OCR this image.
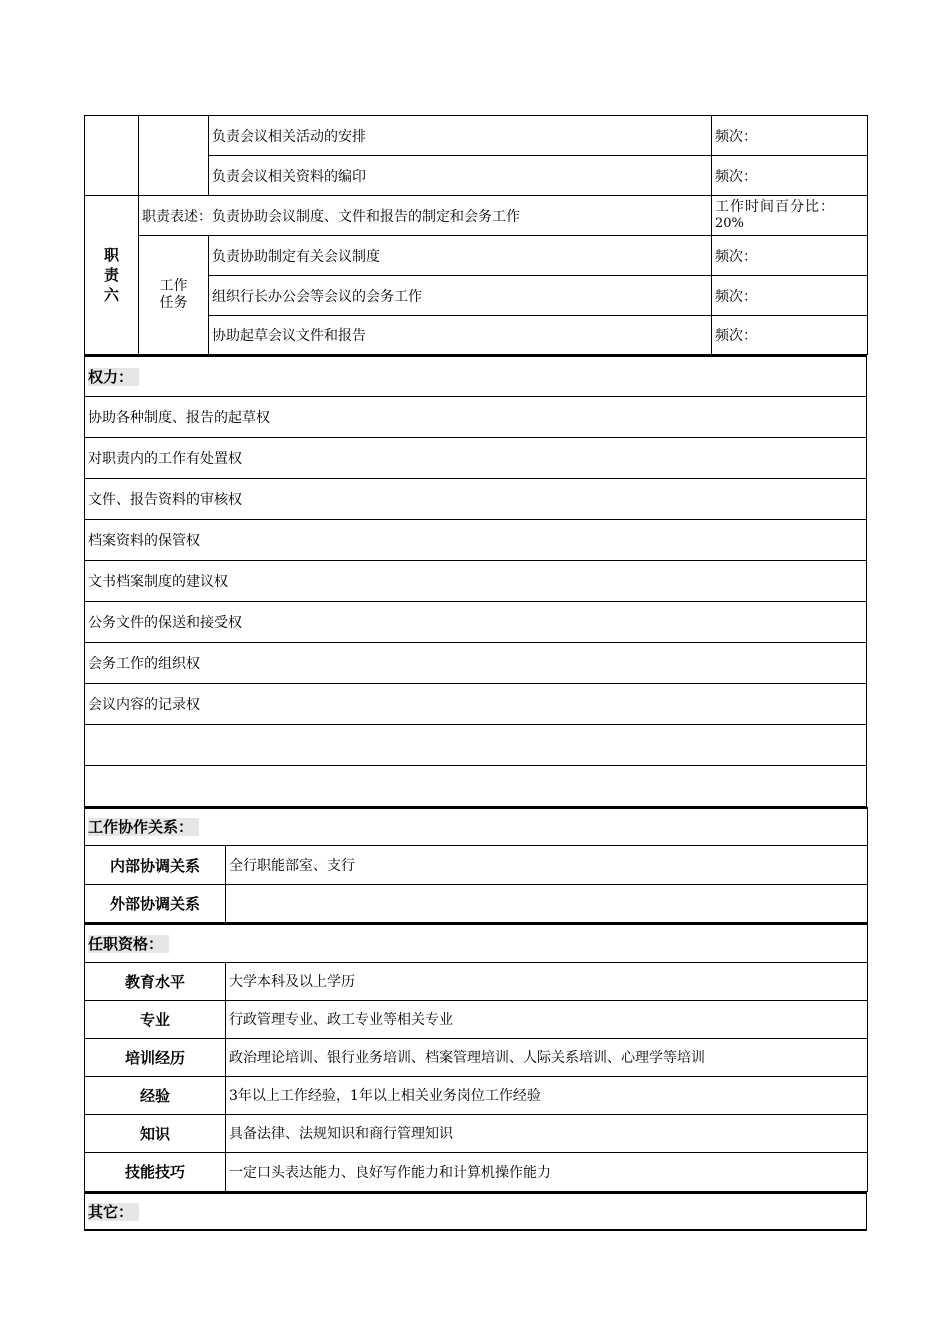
		负责会议相关活动的安排	频次：
		负责会议相关资料的编印	频次：
职 责 六	职责表述：负责协助会议制度、文件和报告的制定和会务工作		工作时间百分比：
20%
	工作 任务	负责协助制定有关会议制度	频次：
		组织行长办公会等会议的会务工作	频次：
		协助起草会议文件和报告	频次：
权力：
协助各种制度、报告的起草权
对职责内的工作有处置权
文件、报告资料的审核权
档案资料的保管权
文书档案制度的建议权
公务文件的保送和接受权
会务工作的组织权
会议内容的记录权

工作协作关系：	
内部协调关系	全行职能部室、支行
外部协调关系	
任职资格：	
教育水平	大学本科及以上学历
专业	行政管理专业、政工专业等相关专业
培训经历	政治理论培训、银行业务培训、档案管理培训、人际关系培训、心理学等培训
经验	3年以上工作经验，1年以上相关业务岗位工作经验
知识	具备法律、法规知识和商行管理知识
技能技巧	一定口头表达能力、良好写作能力和计算机操作能力
其它：
